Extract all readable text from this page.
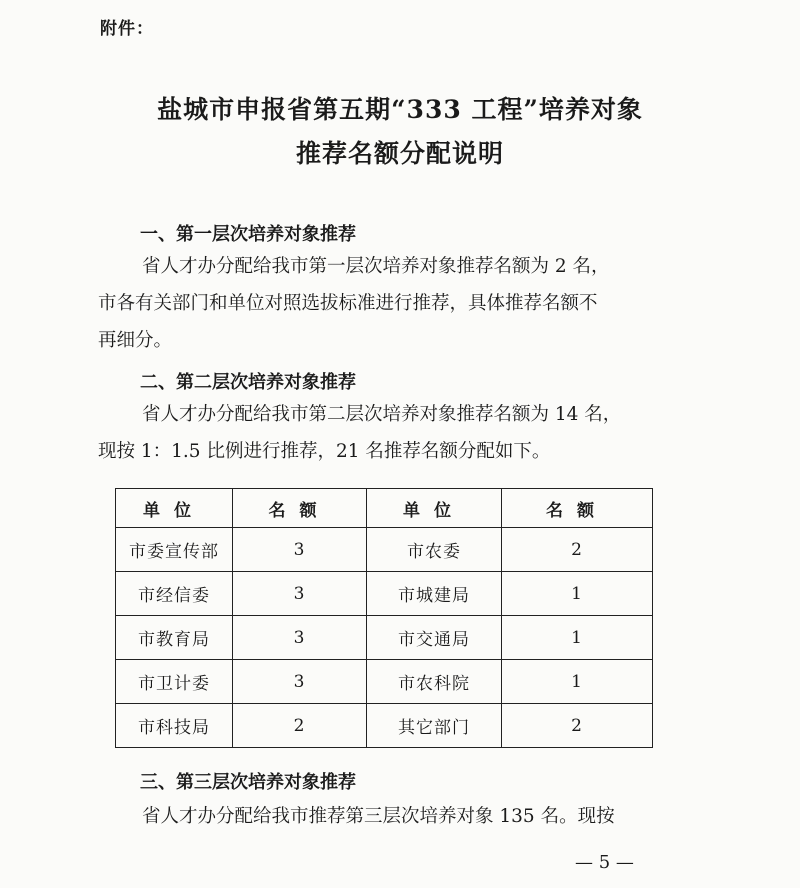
附件：
盐城市申报省第五期“333 工程”培养对象
推荐名额分配说明
一、第一层次培养对象推荐
省人才办分配给我市第一层次培养对象推荐名额为 2 名，
市各有关部门和单位对照选拔标准进行推荐，具体推荐名额不
再细分。
二、第二层次培养对象推荐
省人才办分配给我市第二层次培养对象推荐名额为 14 名，
现按 1：1.5 比例进行推荐，21 名推荐名额分配如下。
单位	名额	单位	名额
市委宣传部	3	市农委	2
市经信委	3	市城建局	1
市教育局	3	市交通局	1
市卫计委	3	市农科院	1
市科技局	2	其它部门	2
三、第三层次培养对象推荐
省人才办分配给我市推荐第三层次培养对象 135 名。现按
— 5 —
